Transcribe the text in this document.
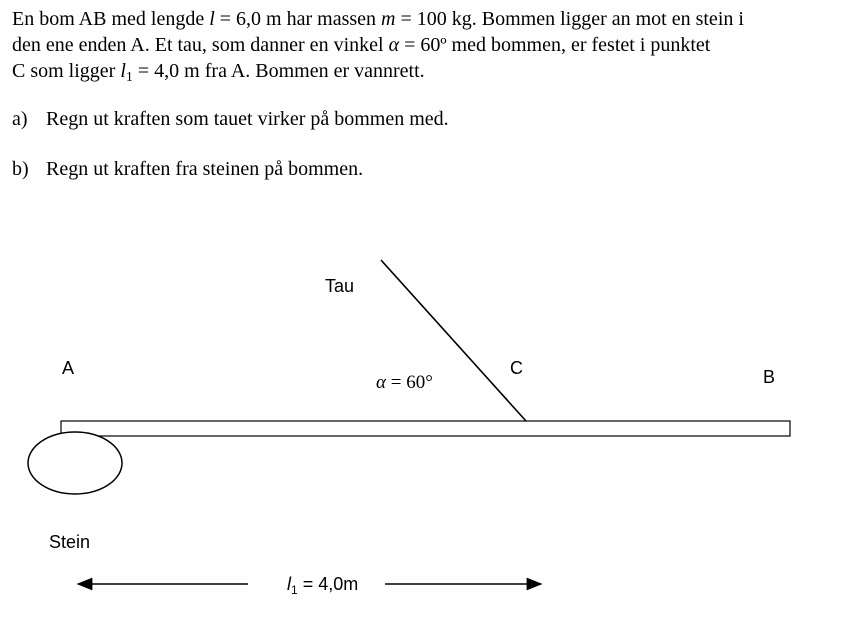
En bom AB med lengde l = 6,0 m har massen m = 100 kg. Bommen ligger an mot en stein i
den ene enden A. Et tau, som danner en vinkel α = 60º med bommen, er festet i punktet
C som ligger $l_1 = 4,0$ m fra A. Bommen er vannrett.

a) Regn ut kraften som tauet virker på bommen med.

b) Regn ut kraften fra steinen på bommen.

Tau
A	C	B
Stein
α = 60°
$l_1 = 4,0m$
